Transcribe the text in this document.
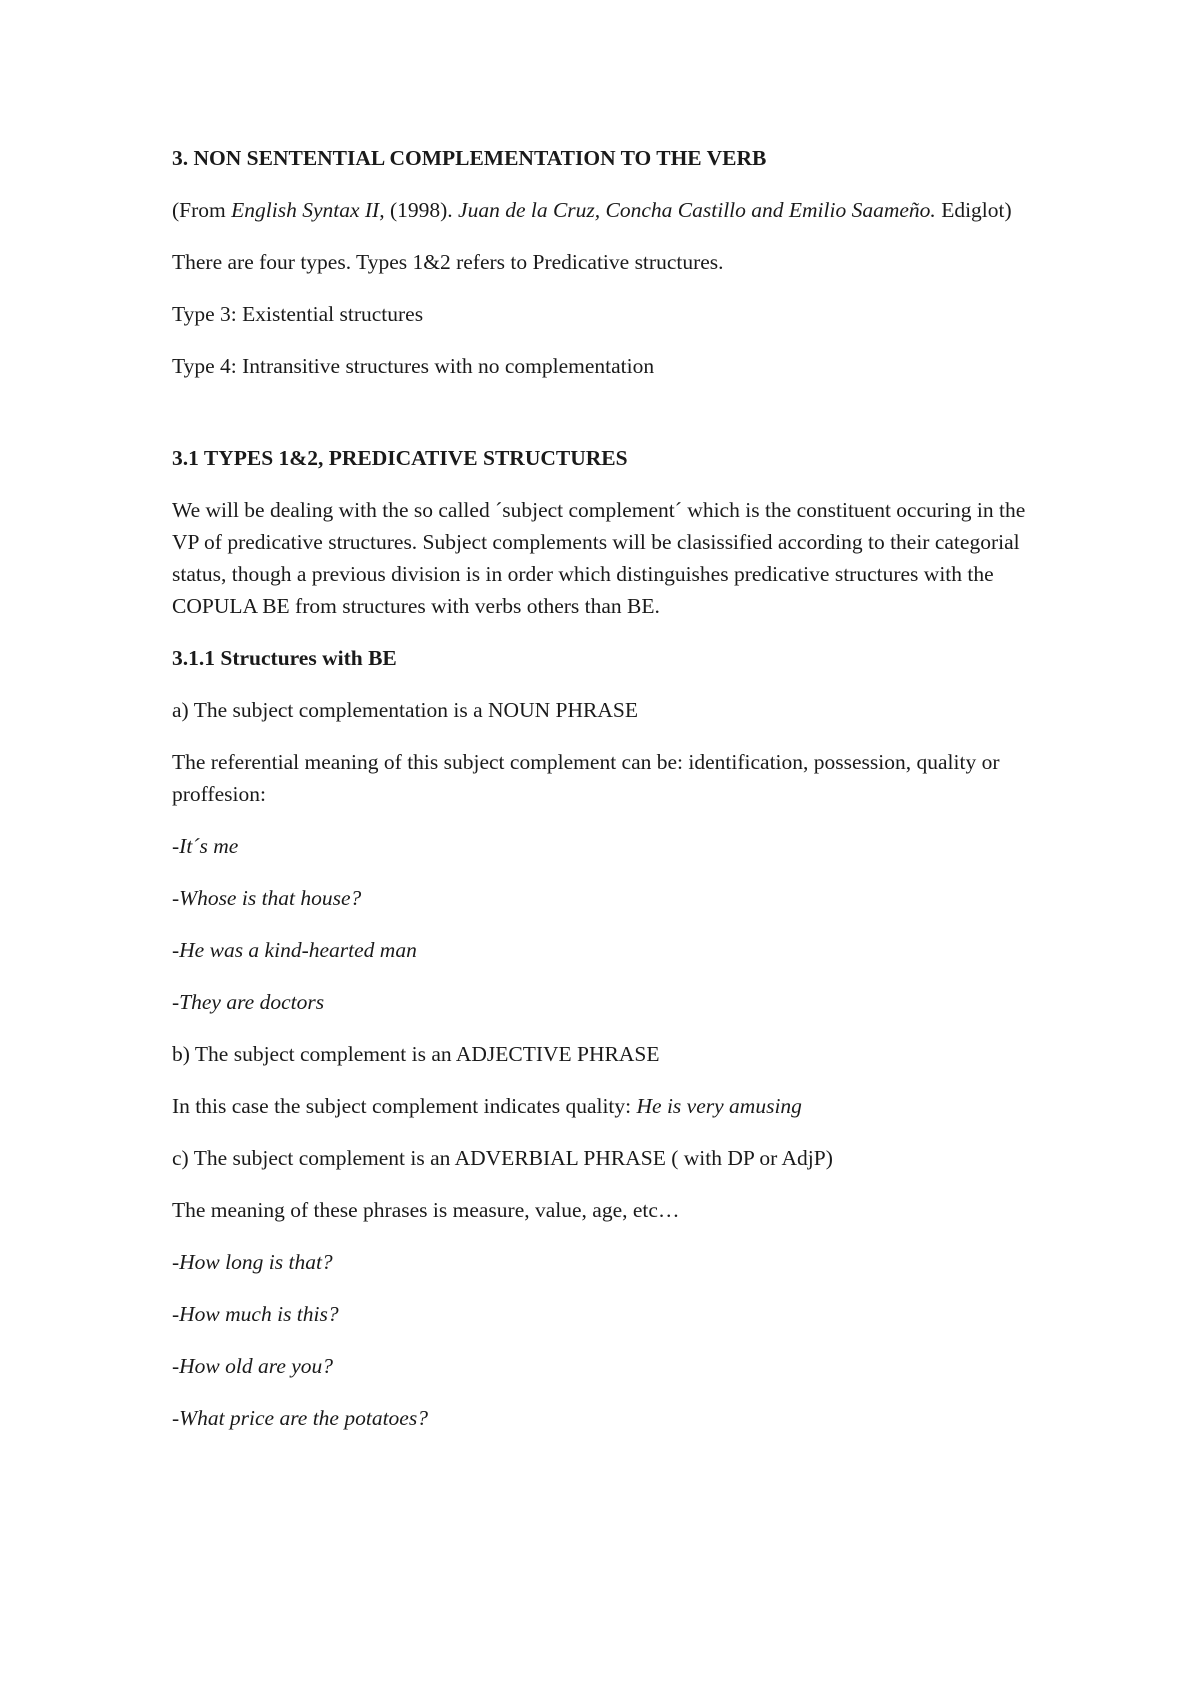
3. NON SENTENTIAL COMPLEMENTATION TO THE VERB
(From English Syntax II, (1998). Juan de la Cruz, Concha Castillo and Emilio Saameño. Ediglot)
There are four types. Types 1&2 refers to Predicative structures.
Type 3: Existential structures
Type 4: Intransitive structures with no complementation
3.1 TYPES 1&2, PREDICATIVE STRUCTURES
We will be dealing with the so called ´subject complement´ which is the constituent occuring in the VP of predicative structures. Subject complements will be clasissified according to their categorial status, though a previous division is in order which distinguishes predicative structures with the COPULA BE from structures with verbs others than BE.
3.1.1 Structures with BE
a) The subject complementation is a NOUN PHRASE
The referential meaning of this subject complement can be: identification, possession, quality or proffesion:
-It´s me
-Whose is that house?
-He was a kind-hearted man
-They are doctors
b) The subject complement is an ADJECTIVE PHRASE
In this case the subject complement indicates quality: He is very amusing
c) The subject complement is an ADVERBIAL PHRASE ( with DP or AdjP)
The meaning of these phrases is measure, value, age, etc…
-How long is that?
-How much is this?
-How old are you?
-What price are the potatoes?
